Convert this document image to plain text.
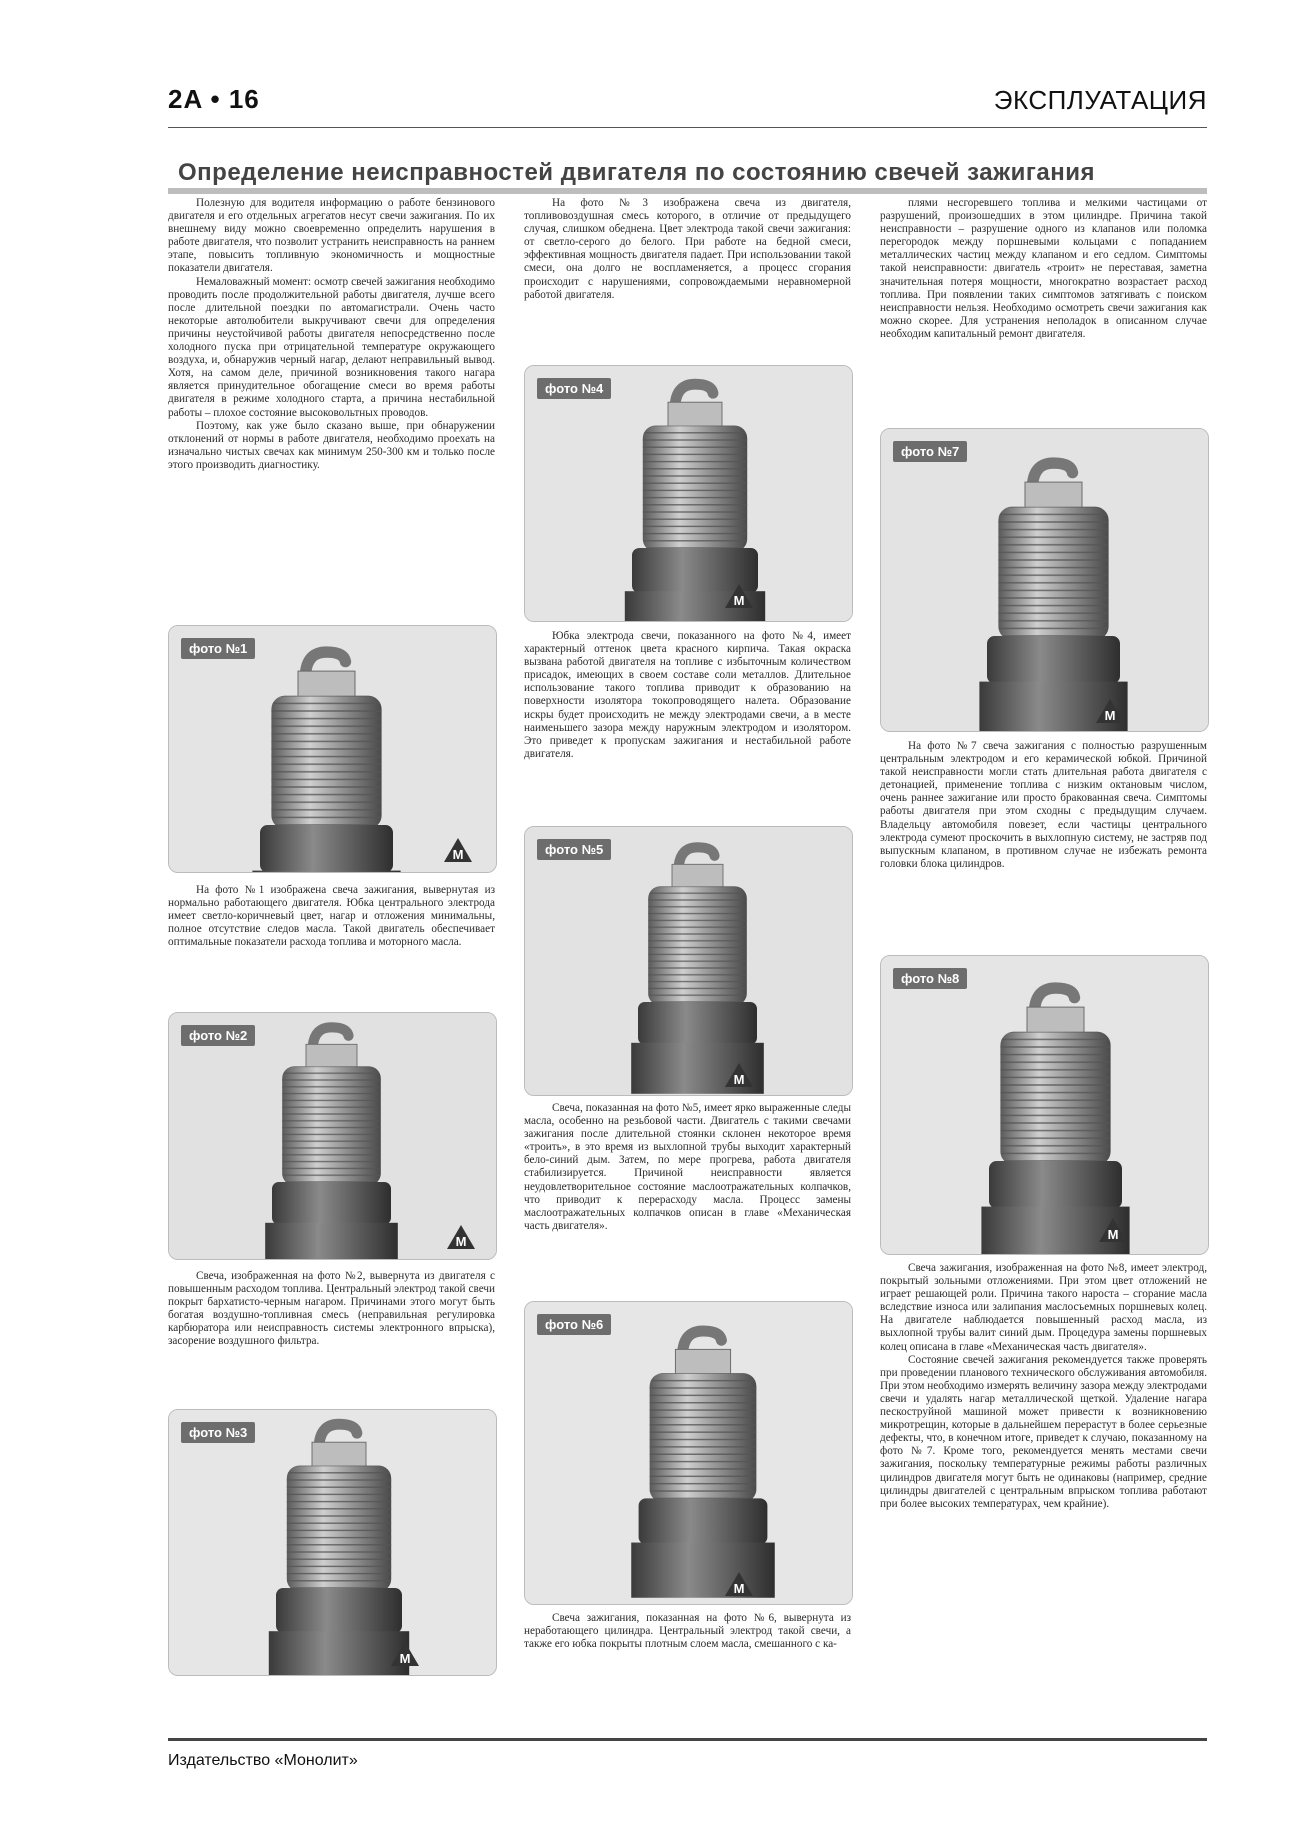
2A • 16	ЭКСПЛУАТАЦИЯ
Определение неисправностей двигателя по состоянию свечей зажигания

Полезную для водителя информацию о работе бензинового двигателя и его отдельных агрегатов несут свечи зажигания. По их внешнему виду можно своевременно определить нарушения в работе двигателя, что позволит устранить неисправность на раннем этапе, повысить топливную экономичность и мощностные показатели двигателя.

Немаловажный момент: осмотр свечей зажигания необходимо проводить после продолжительной работы двигателя, лучше всего после длительной поездки по автомагистрали. Очень часто некоторые автолюбители выкручивают свечи для определения причины неустойчивой работы двигателя непосредственно после холодного пуска при отрицательной температуре окружающего воздуха, и, обнаружив черный нагар, делают неправильный вывод. Хотя, на самом деле, причиной возникновения такого нагара является принудительное обогащение смеси во время работы двигателя в режиме холодного старта, а причина нестабильной работы – плохое состояние высоковольтных проводов.

Поэтому, как уже было сказано выше, при обнаружении отклонений от нормы в работе двигателя, необходимо проехать на изначально чистых свечах как минимум 250-300 км и только после этого производить диагностику.

фото №1

На фото №1 изображена свеча зажигания, вывернутая из нормально работающего двигателя. Юбка центрального электрода имеет светло-коричневый цвет, нагар и отложения минимальны, полное отсутствие следов масла. Такой двигатель обеспечивает оптимальные показатели расхода топлива и моторного масла.

фото №2

Свеча, изображенная на фото №2, вывернута из двигателя с повышенным расходом топлива. Центральный электрод такой свечи покрыт бархатисто-черным нагаром. Причинами этого могут быть богатая воздушно-топливная смесь (неправильная регулировка карбюратора или неисправность системы электронного впрыска), засорение воздушного фильтра.

фото №3

На фото №3 изображена свеча из двигателя, топливовоздушная смесь которого, в отличие от предыдущего случая, слишком обеднена. Цвет электрода такой свечи зажигания: от светло-серого до белого. При работе на бедной смеси, эффективная мощность двигателя падает. При использовании такой смеси, она долго не воспламеняется, а процесс сгорания происходит с нарушениями, сопровождаемыми неравномерной работой двигателя.

фото №4

Юбка электрода свечи, показанного на фото №4, имеет характерный оттенок цвета красного кирпича. Такая окраска вызвана работой двигателя на топливе с избыточным количеством присадок, имеющих в своем составе соли металлов. Длительное использование такого топлива приводит к образованию на поверхности изолятора токопроводящего налета. Образование искры будет происходить не между электродами свечи, а в месте наименьшего зазора между наружным электродом и изолятором. Это приведет к пропускам зажигания и нестабильной работе двигателя.

фото №5

Свеча, показанная на фото №5, имеет ярко выраженные следы масла, особенно на резьбовой части. Двигатель с такими свечами зажигания после длительной стоянки склонен некоторое время «троить», в это время из выхлопной трубы выходит характерный бело-синий дым. Затем, по мере прогрева, работа двигателя стабилизируется. Причиной неисправности является неудовлетворительное состояние маслоотражательных колпачков, что приводит к перерасходу масла. Процесс замены маслоотражательных колпачков описан в главе «Механическая часть двигателя».

фото №6

Свеча зажигания, показанная на фото №6, вывернута из неработающего цилиндра. Центральный электрод такой свечи, а также его юбка покрыты плотным слоем масла, смешанного с ка-

плями несгоревшего топлива и мелкими частицами от разрушений, произошедших в этом цилиндре. Причина такой неисправности – разрушение одного из клапанов или поломка перегородок между поршневыми кольцами с попаданием металлических частиц между клапаном и его седлом. Симптомы такой неисправности: двигатель «троит» не переставая, заметна значительная потеря мощности, многократно возрастает расход топлива. При появлении таких симптомов затягивать с поиском неисправности нельзя. Необходимо осмотреть свечи зажигания как можно скорее. Для устранения неполадок в описанном случае необходим капитальный ремонт двигателя.

фото №7

На фото №7 свеча зажигания с полностью разрушенным центральным электродом и его керамической юбкой. Причиной такой неисправности могли стать длительная работа двигателя с детонацией, применение топлива с низким октановым числом, очень раннее зажигание или просто бракованная свеча. Симптомы работы двигателя при этом сходны с предыдущим случаем. Владельцу автомобиля повезет, если частицы центрального электрода сумеют проскочить в выхлопную систему, не застряв под выпускным клапаном, в противном случае не избежать ремонта головки блока цилиндров.

фото №8

Свеча зажигания, изображенная на фото №8, имеет электрод, покрытый зольными отложениями. При этом цвет отложений не играет решающей роли. Причина такого нароста – сгорание масла вследствие износа или залипания маслосъемных поршневых колец. На двигателе наблюдается повышенный расход масла, из выхлопной трубы валит синий дым. Процедура замены поршневых колец описана в главе «Механическая часть двигателя».

Состояние свечей зажигания рекомендуется также проверять при проведении планового технического обслуживания автомобиля. При этом необходимо измерять величину зазора между электродами свечи и удалять нагар металлической щеткой. Удаление нагара пескоструйной машиной может привести к возникновению микротрещин, которые в дальнейшем перерастут в более серьезные дефекты, что, в конечном итоге, приведет к случаю, показанному на фото №7. Кроме того, рекомендуется менять местами свечи зажигания, поскольку температурные режимы работы различных цилиндров двигателя могут быть не одинаковы (например, средние цилиндры двигателей с центральным впрыском топлива работают при более высоких температурах, чем крайние).

Издательство «Монолит»
